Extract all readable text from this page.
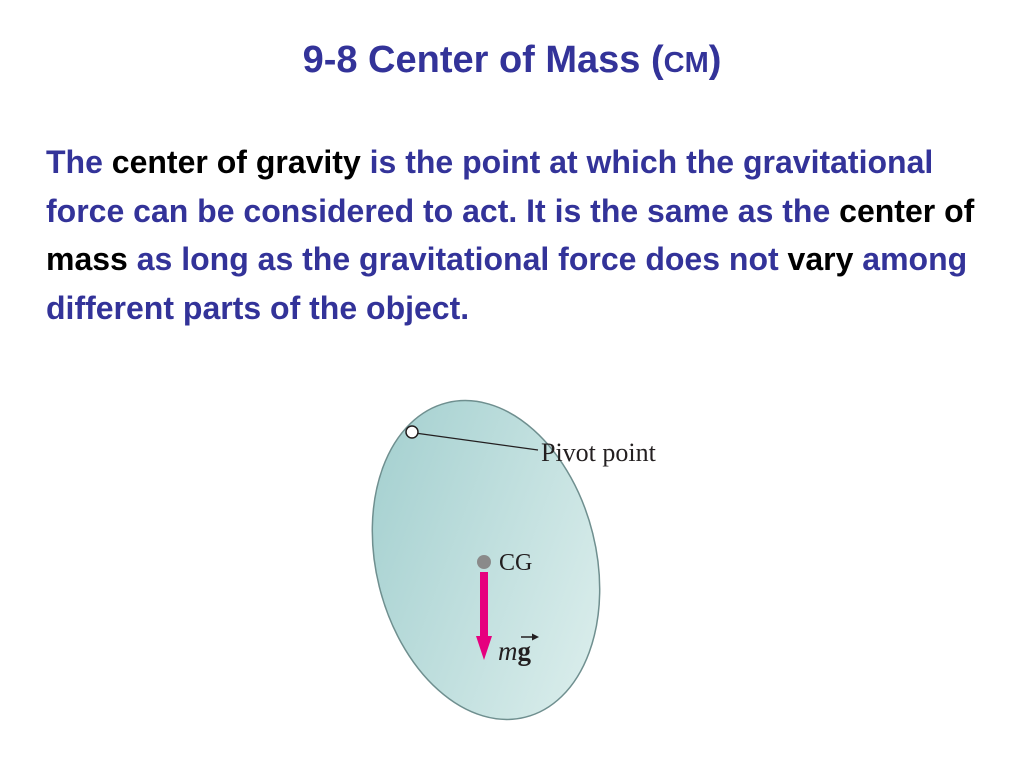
9-8 Center of Mass (CM)
The center of gravity is the point at which the gravitational force can be considered to act. It is the same as the center of mass as long as the gravitational force does not vary among different parts of the object.
Pivot point
CG
mg
